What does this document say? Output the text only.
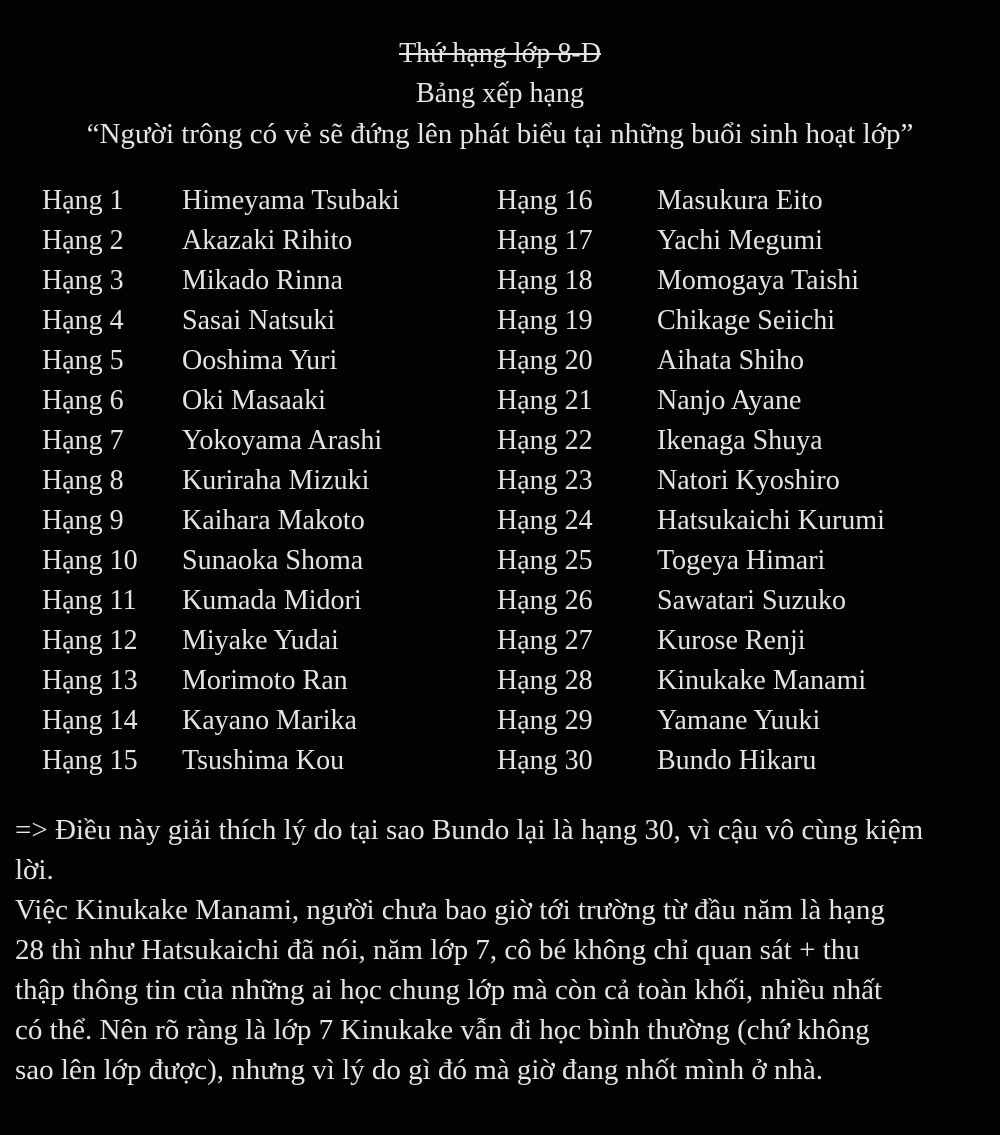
Thứ hạng lớp 8-D
Bảng xếp hạng
“Người trông có vẻ sẽ đứng lên phát biểu tại những buổi sinh hoạt lớp”
Hạng 1	Himeyama Tsubaki
Hạng 2	Akazaki Rihito
Hạng 3	Mikado Rinna
Hạng 4	Sasai Natsuki
Hạng 5	Ooshima Yuri
Hạng 6	Oki Masaaki
Hạng 7	Yokoyama Arashi
Hạng 8	Kuriraha Mizuki
Hạng 9	Kaihara Makoto
Hạng 10	Sunaoka Shoma
Hạng 11	Kumada Midori
Hạng 12	Miyake Yudai
Hạng 13	Morimoto Ran
Hạng 14	Kayano Marika
Hạng 15	Tsushima Kou
Hạng 16	Masukura Eito
Hạng 17	Yachi Megumi
Hạng 18	Momogaya Taishi
Hạng 19	Chikage Seiichi
Hạng 20	Aihata Shiho
Hạng 21	Nanjo Ayane
Hạng 22	Ikenaga Shuya
Hạng 23	Natori Kyoshiro
Hạng 24	Hatsukaichi Kurumi
Hạng 25	Togeya Himari
Hạng 26	Sawatari Suzuko
Hạng 27	Kurose Renji
Hạng 28	Kinukake Manami
Hạng 29	Yamane Yuuki
Hạng 30	Bundo Hikaru
=> Điều này giải thích lý do tại sao Bundo lại là hạng 30, vì cậu vô cùng kiệm
lời.
Việc Kinukake Manami, người chưa bao giờ tới trường từ đầu năm là hạng
28 thì như Hatsukaichi đã nói, năm lớp 7, cô bé không chỉ quan sát + thu
thập thông tin của những ai học chung lớp mà còn cả toàn khối, nhiều nhất
có thể. Nên rõ ràng là lớp 7 Kinukake vẫn đi học bình thường (chứ không
sao lên lớp được), nhưng vì lý do gì đó mà giờ đang nhốt mình ở nhà.
